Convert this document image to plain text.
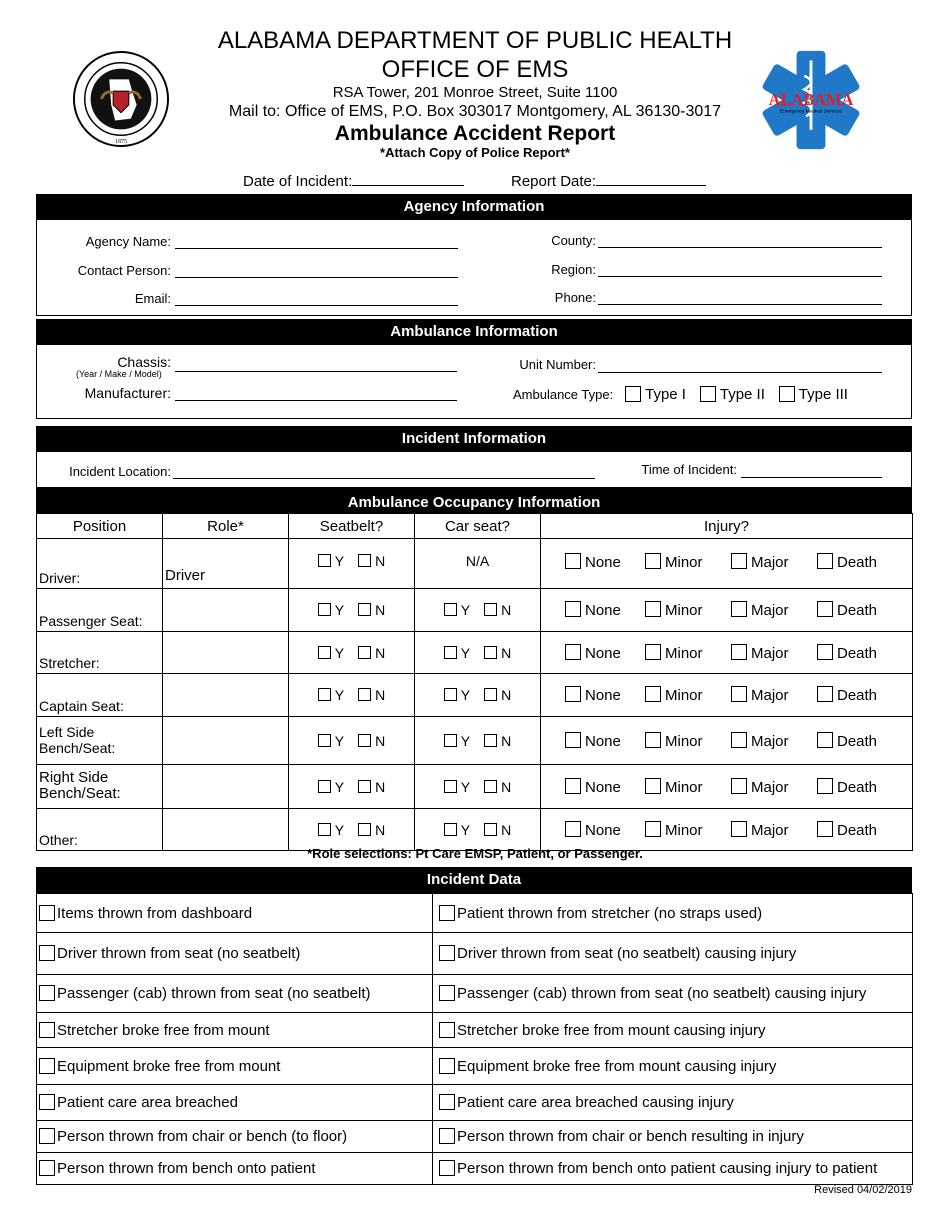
1875
ALABAMA
Emergency Medical Services
ALABAMA DEPARTMENT OF PUBLIC HEALTH
OFFICE OF EMS
RSA Tower, 201 Monroe Street, Suite 1100
Mail to: Office of EMS, P.O. Box 303017 Montgomery, AL 36130-3017
Ambulance Accident Report
*Attach Copy of Police Report*
Date of Incident:	Report Date:
Agency Information
Agency Name:
Contact Person:
Email:
County:
Region:
Phone:
Ambulance Information
Chassis:
(Year / Make / Model)
Manufacturer:
Unit Number:
Ambulance Type: Type I Type II Type III
Incident Information
Incident Location:	Time of Incident:
Ambulance Occupancy Information
Position	Role*	Seatbelt?	Car seat?	Injury?
Driver:	Driver	Y N	N/A	None Minor Major Death
Passenger Seat:		Y N	Y N	None Minor Major Death
Stretcher:		Y N	Y N	None Minor Major Death
Captain Seat:		Y N	Y N	None Minor Major Death
Left Side Bench/Seat:		Y N	Y N	None Minor Major Death
Right Side Bench/Seat:		Y N	Y N	None Minor Major Death
Other:		Y N	Y N	None Minor Major Death
*Role selections: Pt Care EMSP, Patient, or Passenger.
Incident Data
Items thrown from dashboard	Patient thrown from stretcher (no straps used)
Driver thrown from seat (no seatbelt)	Driver thrown from seat (no seatbelt) causing injury
Passenger (cab) thrown from seat (no seatbelt)	Passenger (cab) thrown from seat (no seatbelt) causing injury
Stretcher broke free from mount	Stretcher broke free from mount causing injury
Equipment broke free from mount	Equipment broke free from mount causing injury
Patient care area breached	Patient care area breached causing injury
Person thrown from chair or bench (to floor)	Person thrown from chair or bench resulting in injury
Person thrown from bench onto patient	Person thrown from bench onto patient causing injury to patient
Revised 04/02/2019
